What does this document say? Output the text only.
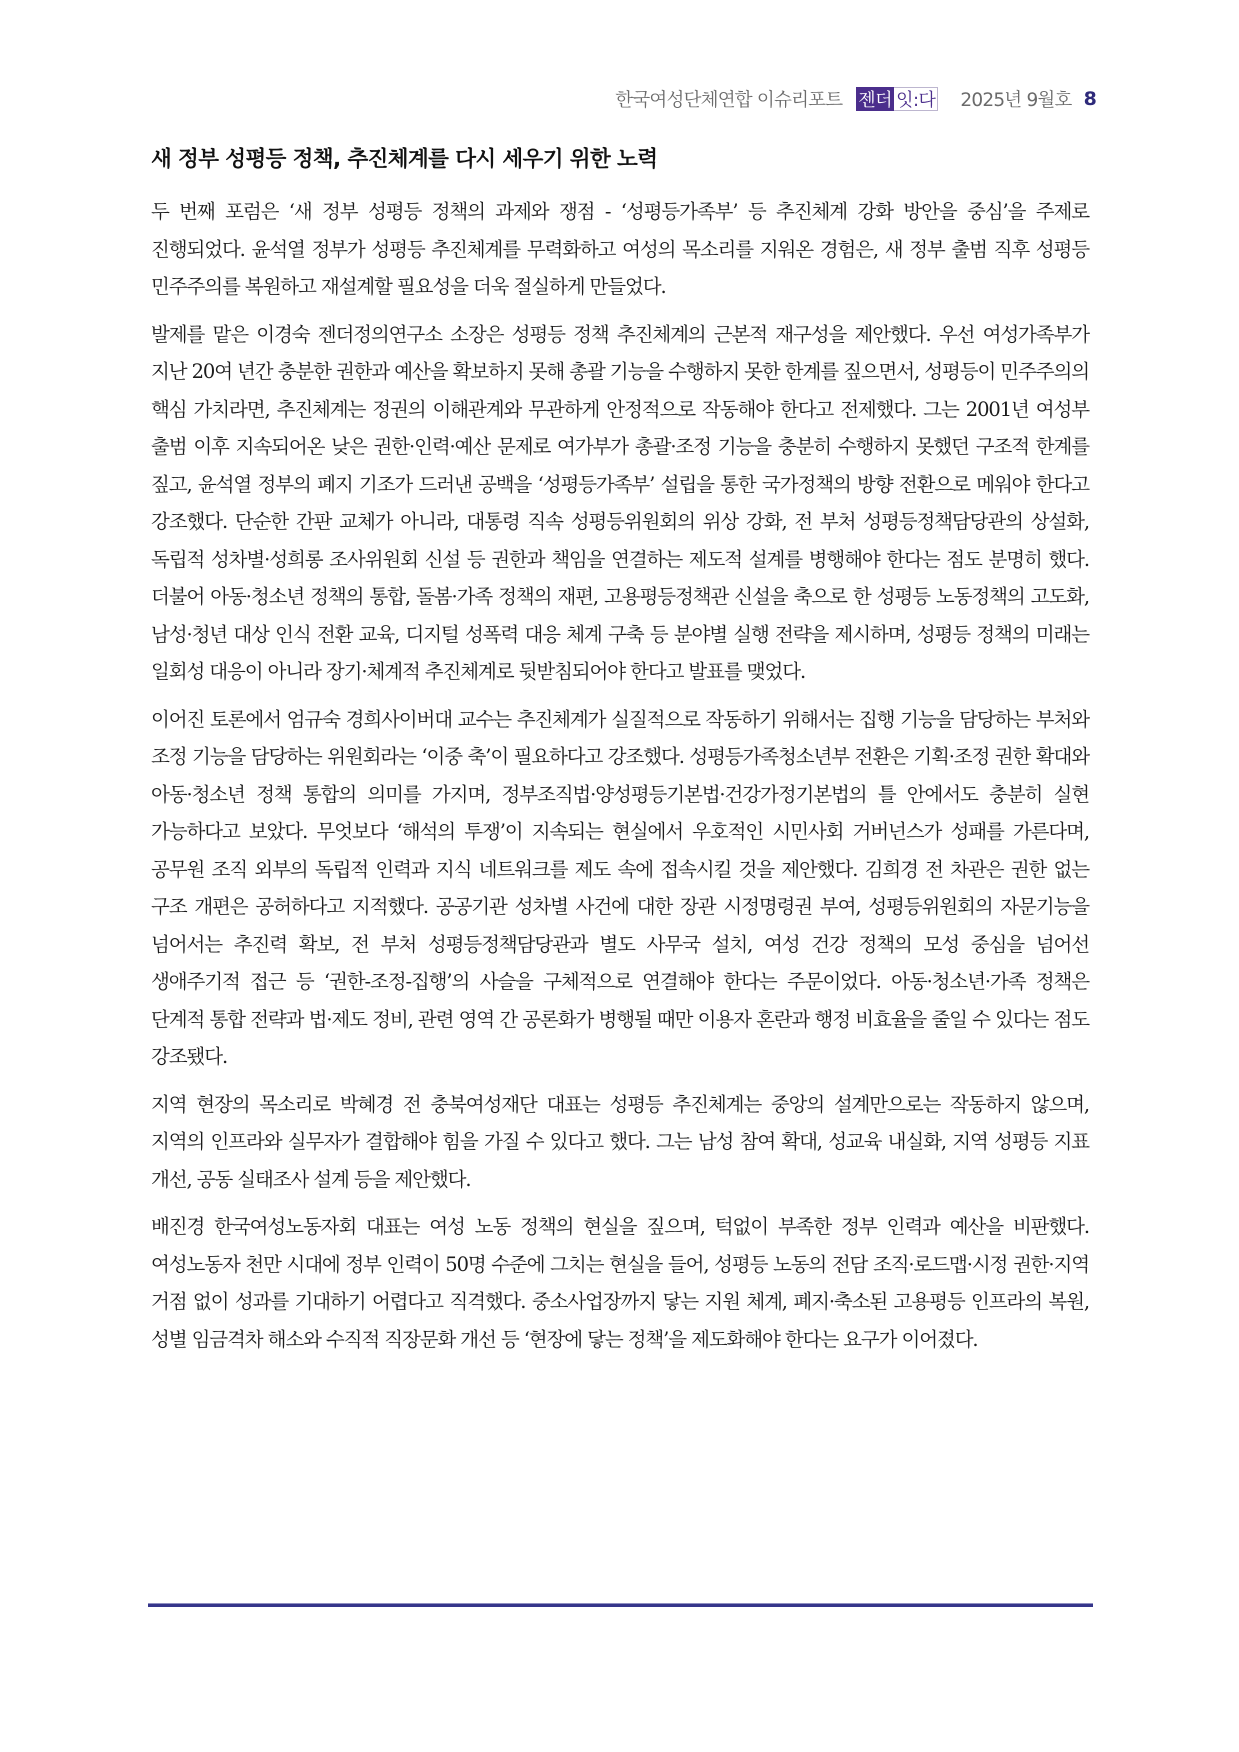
한국여성단체연합 이슈리포트 젠더 잇:다 2025년 9월호 8
새 정부 성평등 정책, 추진체계를 다시 세우기 위한 노력

두 번째 포럼은 ‘새 정부 성평등 정책의 과제와 쟁점 - ‘성평등가족부’ 등 추진체계 강화 방안을 중심’을 주제로 진행되었다. 윤석열 정부가 성평등 추진체계를 무력화하고 여성의 목소리를 지워온 경험은, 새 정부 출범 직후 성평등 민주주의를 복원하고 재설계할 필요성을 더욱 절실하게 만들었다.

발제를 맡은 이경숙 젠더정의연구소 소장은 성평등 정책 추진체계의 근본적 재구성을 제안했다. 우선 여성가족부가 지난 20여 년간 충분한 권한과 예산을 확보하지 못해 총괄 기능을 수행하지 못한 한계를 짚으면서, 성평등이 민주주의의 핵심 가치라면, 추진체계는 정권의 이해관계와 무관하게 안정적으로 작동해야 한다고 전제했다. 그는 2001년 여성부 출범 이후 지속되어온 낮은 권한·인력·예산 문제로 여가부가 총괄·조정 기능을 충분히 수행하지 못했던 구조적 한계를 짚고, 윤석열 정부의 폐지 기조가 드러낸 공백을 ‘성평등가족부’ 설립을 통한 국가정책의 방향 전환으로 메워야 한다고 강조했다. 단순한 간판 교체가 아니라, 대통령 직속 성평등위원회의 위상 강화, 전 부처 성평등정책담당관의 상설화, 독립적 성차별·성희롱 조사위원회 신설 등 권한과 책임을 연결하는 제도적 설계를 병행해야 한다는 점도 분명히 했다. 더불어 아동·청소년 정책의 통합, 돌봄·가족 정책의 재편, 고용평등정책관 신설을 축으로 한 성평등 노동정책의 고도화, 남성·청년 대상 인식 전환 교육, 디지털 성폭력 대응 체계 구축 등 분야별 실행 전략을 제시하며, 성평등 정책의 미래는 일회성 대응이 아니라 장기·체계적 추진체계로 뒷받침되어야 한다고 발표를 맺었다.

이어진 토론에서 엄규숙 경희사이버대 교수는 추진체계가 실질적으로 작동하기 위해서는 집행 기능을 담당하는 부처와 조정 기능을 담당하는 위원회라는 ‘이중 축’이 필요하다고 강조했다. 성평등가족청소년부 전환은 기획·조정 권한 확대와 아동·청소년 정책 통합의 의미를 가지며, 정부조직법·양성평등기본법·건강가정기본법의 틀 안에서도 충분히 실현 가능하다고 보았다. 무엇보다 ‘해석의 투쟁’이 지속되는 현실에서 우호적인 시민사회 거버넌스가 성패를 가른다며, 공무원 조직 외부의 독립적 인력과 지식 네트워크를 제도 속에 접속시킬 것을 제안했다. 김희경 전 차관은 권한 없는 구조 개편은 공허하다고 지적했다. 공공기관 성차별 사건에 대한 장관 시정명령권 부여, 성평등위원회의 자문기능을 넘어서는 추진력 확보, 전 부처 성평등정책담당관과 별도 사무국 설치, 여성 건강 정책의 모성 중심을 넘어선 생애주기적 접근 등 ‘권한-조정-집행’의 사슬을 구체적으로 연결해야 한다는 주문이었다. 아동·청소년·가족 정책은 단계적 통합 전략과 법·제도 정비, 관련 영역 간 공론화가 병행될 때만 이용자 혼란과 행정 비효율을 줄일 수 있다는 점도 강조됐다.

지역 현장의 목소리로 박혜경 전 충북여성재단 대표는 성평등 추진체계는 중앙의 설계만으로는 작동하지 않으며, 지역의 인프라와 실무자가 결합해야 힘을 가질 수 있다고 했다. 그는 남성 참여 확대, 성교육 내실화, 지역 성평등 지표 개선, 공동 실태조사 설계 등을 제안했다.

배진경 한국여성노동자회 대표는 여성 노동 정책의 현실을 짚으며, 턱없이 부족한 정부 인력과 예산을 비판했다. 여성노동자 천만 시대에 정부 인력이 50명 수준에 그치는 현실을 들어, 성평등 노동의 전담 조직·로드맵·시정 권한·지역 거점 없이 성과를 기대하기 어렵다고 직격했다. 중소사업장까지 닿는 지원 체계, 폐지·축소된 고용평등 인프라의 복원, 성별 임금격차 해소와 수직적 직장문화 개선 등 ‘현장에 닿는 정책’을 제도화해야 한다는 요구가 이어졌다.
